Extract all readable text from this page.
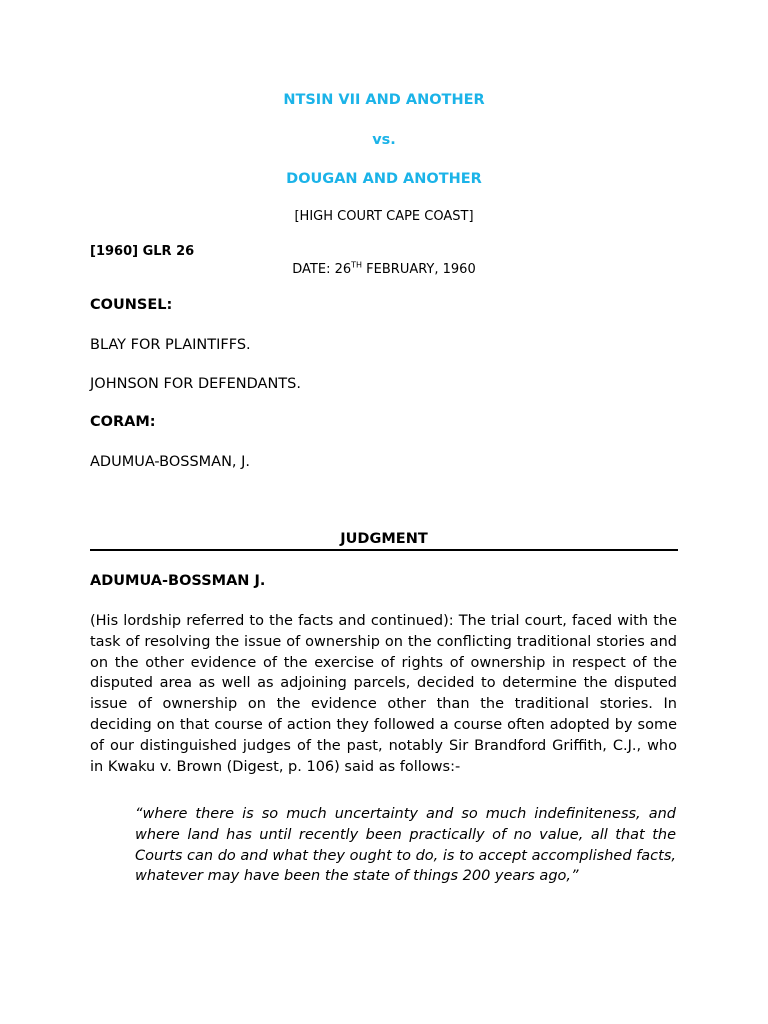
NTSIN VII AND ANOTHER
vs.
DOUGAN AND ANOTHER
[HIGH COURT CAPE COAST]
[1960] GLR 26
DATE: 26TH FEBRUARY, 1960
COUNSEL:
BLAY FOR PLAINTIFFS.
JOHNSON FOR DEFENDANTS.
CORAM:
ADUMUA-BOSSMAN, J.
JUDGMENT
ADUMUA-BOSSMAN J.
(His lordship referred to the facts and continued): The trial court, faced with the task of resolving the issue of ownership on the conflicting traditional stories and on the other evidence of the exercise of rights of ownership in respect of the disputed area as well as adjoining parcels, decided to determine the disputed issue of ownership on the evidence other than the traditional stories. In deciding on that course of action they followed a course often adopted by some of our distinguished judges of the past, notably Sir Brandford Griffith, C.J., who in Kwaku v. Brown (Digest, p. 106) said as follows:-
“where there is so much uncertainty and so much indefiniteness, and where land has until recently been practically of no value, all that the Courts can do and what they ought to do, is to accept accomplished facts, whatever may have been the state of things 200 years ago,”
